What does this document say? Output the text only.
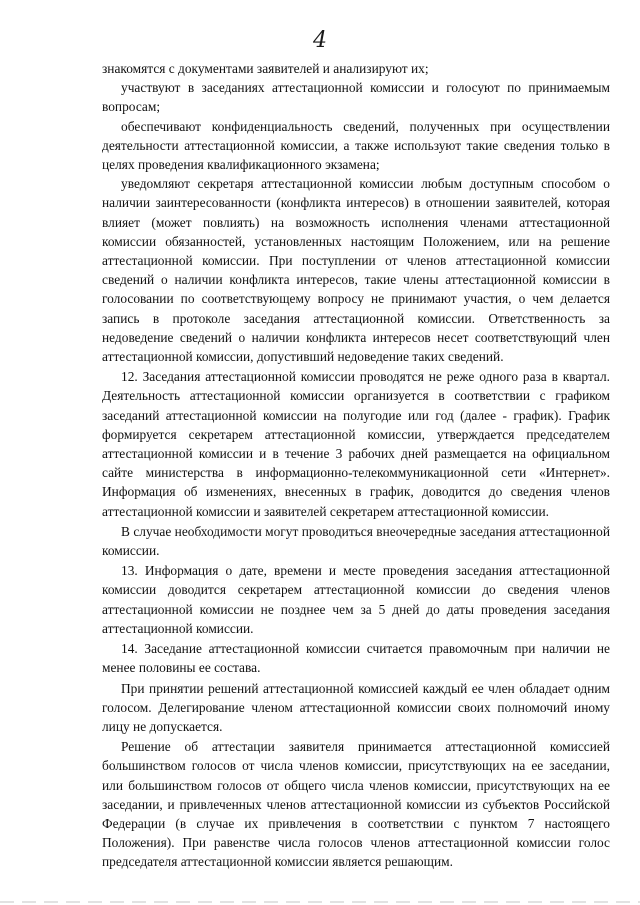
4

знакомятся с документами заявителей и анализируют их;

участвуют в заседаниях аттестационной комиссии и голосуют по принимаемым вопросам;

обеспечивают конфиденциальность сведений, полученных при осуществлении деятельности аттестационной комиссии, а также используют такие сведения только в целях проведения квалификационного экзамена;

уведомляют секретаря аттестационной комиссии любым доступным способом о наличии заинтересованности (конфликта интересов) в отношении заявителей, которая влияет (может повлиять) на возможность исполнения членами аттестационной комиссии обязанностей, установленных настоящим Положением, или на решение аттестационной комиссии. При поступлении от членов аттестационной комиссии сведений о наличии конфликта интересов, такие члены аттестационной комиссии в голосовании по соответствующему вопросу не принимают участия, о чем делается запись в протоколе заседания аттестационной комиссии. Ответственность за недоведение сведений о наличии конфликта интересов несет соответствующий член аттестационной комиссии, допустивший недоведение таких сведений.

12. Заседания аттестационной комиссии проводятся не реже одного раза в квартал. Деятельность аттестационной комиссии организуется в соответствии с графиком заседаний аттестационной комиссии на полугодие или год (далее - график). График формируется секретарем аттестационной комиссии, утверждается председателем аттестационной комиссии и в течение 3 рабочих дней размещается на официальном сайте министерства в информационно-телекоммуникационной сети «Интернет». Информация об изменениях, внесенных в график, доводится до сведения членов аттестационной комиссии и заявителей секретарем аттестационной комиссии.

В случае необходимости могут проводиться внеочередные заседания аттестационной комиссии.

13. Информация о дате, времени и месте проведения заседания аттестационной комиссии доводится секретарем аттестационной комиссии до сведения членов аттестационной комиссии не позднее чем за 5 дней до даты проведения заседания аттестационной комиссии.

14. Заседание аттестационной комиссии считается правомочным при наличии не менее половины ее состава.

При принятии решений аттестационной комиссией каждый ее член обладает одним голосом. Делегирование членом аттестационной комиссии своих полномочий иному лицу не допускается.

Решение об аттестации заявителя принимается аттестационной комиссией большинством голосов от числа членов комиссии, присутствующих на ее заседании, или большинством голосов от общего числа членов комиссии, присутствующих на ее заседании, и привлеченных членов аттестационной комиссии из субъектов Российской Федерации (в случае их привлечения в соответствии с пунктом 7 настоящего Положения). При равенстве числа голосов членов аттестационной комиссии голос председателя аттестационной комиссии является решающим.
